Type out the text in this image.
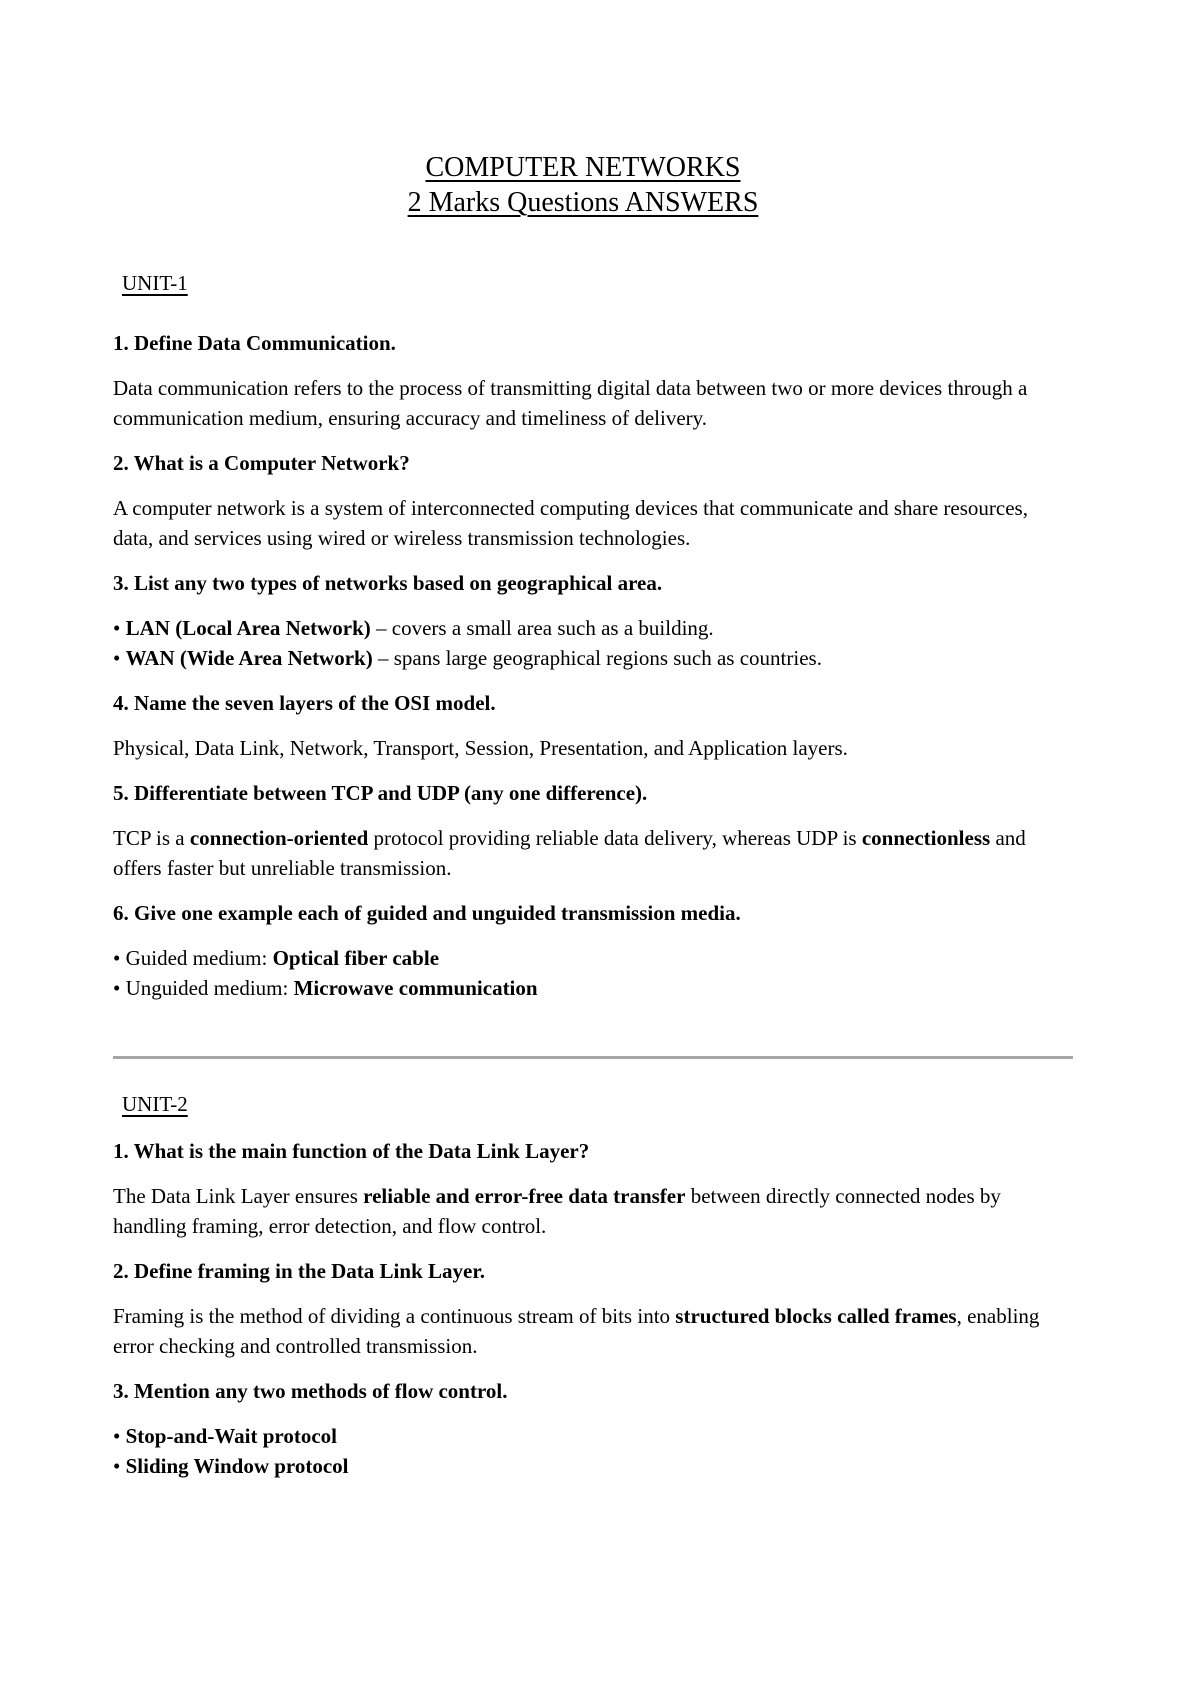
COMPUTER NETWORKS
2 Marks Questions ANSWERS
UNIT-1

1. Define Data Communication.

Data communication refers to the process of transmitting digital data between two or more devices through a communication medium, ensuring accuracy and timeliness of delivery.

2. What is a Computer Network?

A computer network is a system of interconnected computing devices that communicate and share resources, data, and services using wired or wireless transmission technologies.

3. List any two types of networks based on geographical area.

• LAN (Local Area Network) – covers a small area such as a building.
• WAN (Wide Area Network) – spans large geographical regions such as countries.

4. Name the seven layers of the OSI model.

Physical, Data Link, Network, Transport, Session, Presentation, and Application layers.

5. Differentiate between TCP and UDP (any one difference).

TCP is a connection-oriented protocol providing reliable data delivery, whereas UDP is connectionless and offers faster but unreliable transmission.

6. Give one example each of guided and unguided transmission media.

• Guided medium: Optical fiber cable
• Unguided medium: Microwave communication
UNIT-2

1. What is the main function of the Data Link Layer?

The Data Link Layer ensures reliable and error-free data transfer between directly connected nodes by handling framing, error detection, and flow control.

2. Define framing in the Data Link Layer.

Framing is the method of dividing a continuous stream of bits into structured blocks called frames, enabling error checking and controlled transmission.

3. Mention any two methods of flow control.

• Stop-and-Wait protocol
• Sliding Window protocol
